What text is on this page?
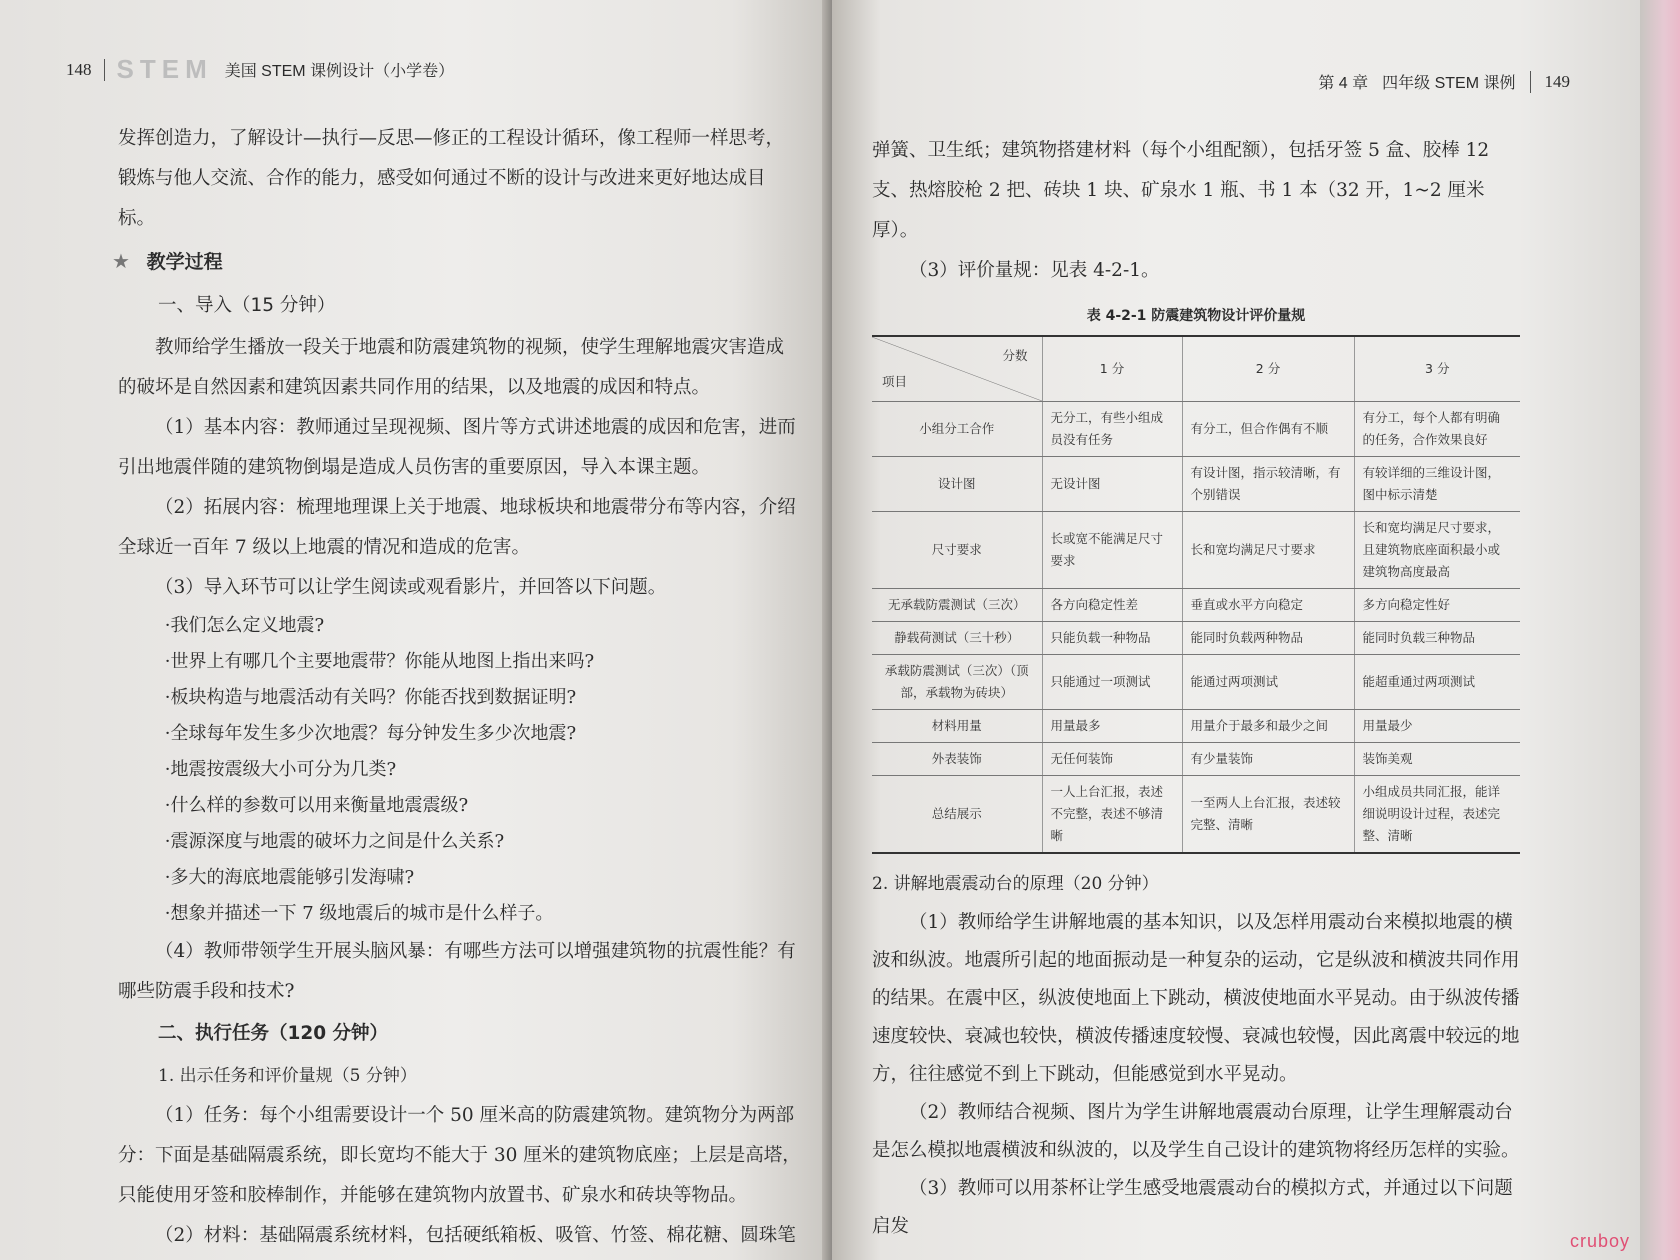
148 STEM 美国 STEM 课例设计（小学卷）

发挥创造力，了解设计—执行—反思—修正的工程设计循环，像工程师一样思考，

锻炼与他人交流、合作的能力，感受如何通过不断的设计与改进来更好地达成目标。

★ 教学过程

一、导入（15 分钟）

教师给学生播放一段关于地震和防震建筑物的视频，使学生理解地震灾害造成的破坏是自然因素和建筑因素共同作用的结果，以及地震的成因和特点。

（1）基本内容：教师通过呈现视频、图片等方式讲述地震的成因和危害，进而引出地震伴随的建筑物倒塌是造成人员伤害的重要原因，导入本课主题。

（2）拓展内容：梳理地理课上关于地震、地球板块和地震带分布等内容，介绍全球近一百年 7 级以上地震的情况和造成的危害。

（3）导入环节可以让学生阅读或观看影片，并回答以下问题。

·我们怎么定义地震?

·世界上有哪几个主要地震带？你能从地图上指出来吗?

·板块构造与地震活动有关吗？你能否找到数据证明?

·全球每年发生多少次地震？每分钟发生多少次地震?

·地震按震级大小可分为几类?

·什么样的参数可以用来衡量地震震级?

·震源深度与地震的破坏力之间是什么关系?

·多大的海底地震能够引发海啸?

·想象并描述一下 7 级地震后的城市是什么样子。

（4）教师带领学生开展头脑风暴：有哪些方法可以增强建筑物的抗震性能？有哪些防震手段和技术?

二、执行任务（120 分钟）

1. 出示任务和评价量规（5 分钟）

（1）任务：每个小组需要设计一个 50 厘米高的防震建筑物。建筑物分为两部分：下面是基础隔震系统，即长宽均不能大于 30 厘米的建筑物底座；上层是高塔，只能使用牙签和胶棒制作，并能够在建筑物内放置书、矿泉水和砖块等物品。

（2）材料：基础隔震系统材料，包括硬纸箱板、吸管、竹签、棉花糖、圆珠笔

第 4 章 四年级 STEM 课例 149

弹簧、卫生纸；建筑物搭建材料（每个小组配额），包括牙签 5 盒、胶棒 12 支、热熔胶枪 2 把、砖块 1 块、矿泉水 1 瓶、书 1 本（32 开，1~2 厘米厚）。

（3）评价量规：见表 4-2-1。

表 4-2-1 防震建筑物设计评价量规

分数
项目	1 分	2 分	3 分
小组分工合作	无分工，有些小组成员没有任务	有分工，但合作偶有不顺	有分工，每个人都有明确的任务，合作效果良好
设计图	无设计图	有设计图，指示较清晰，有个别错误	有较详细的三维设计图，图中标示清楚
尺寸要求	长或宽不能满足尺寸要求	长和宽均满足尺寸要求	长和宽均满足尺寸要求，且建筑物底座面积最小或建筑物高度最高
无承载防震测试（三次）	各方向稳定性差	垂直或水平方向稳定	多方向稳定性好
静载荷测试（三十秒）	只能负载一种物品	能同时负载两种物品	能同时负载三种物品
承载防震测试（三次）（顶部，承载物为砖块）	只能通过一项测试	能通过两项测试	能超重通过两项测试
材料用量	用量最多	用量介于最多和最少之间	用量最少
外表装饰	无任何装饰	有少量装饰	装饰美观
总结展示	一人上台汇报，表述不完整，表述不够清晰	一至两人上台汇报，表述较完整、清晰	小组成员共同汇报，能详细说明设计过程，表述完整、清晰

2. 讲解地震震动台的原理（20 分钟）

（1）教师给学生讲解地震的基本知识，以及怎样用震动台来模拟地震的横波和纵波。地震所引起的地面振动是一种复杂的运动，它是纵波和横波共同作用的结果。在震中区，纵波使地面上下跳动，横波使地面水平晃动。由于纵波传播速度较快、衰减也较快，横波传播速度较慢、衰减也较慢，因此离震中较远的地方，往往感觉不到上下跳动，但能感觉到水平晃动。

（2）教师结合视频、图片为学生讲解地震震动台原理，让学生理解震动台是怎么模拟地震横波和纵波的，以及学生自己设计的建筑物将经历怎样的实验。

（3）教师可以用茶杯让学生感受地震震动台的模拟方式，并通过以下问题启发

cruboy
